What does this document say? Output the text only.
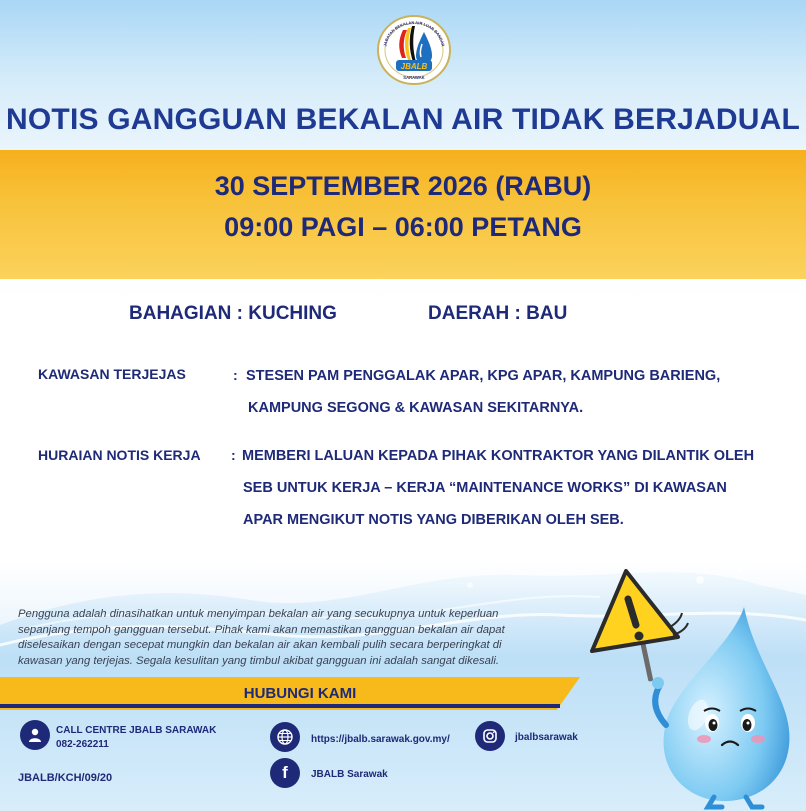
JBALB
SARAWAK
JABATAN BEKALAN AIR LUAR BANDAR
NOTIS GANGGUAN BEKALAN AIR TIDAK BERJADUAL
30 SEPTEMBER 2026 (RABU)
09:00 PAGI – 06:00 PETANG
BAHAGIAN : KUCHING	DAERAH : BAU
KAWASAN TERJEJAS	: STESEN PAM PENGGALAK APAR, KPG APAR, KAMPUNG BARIENG,
KAMPUNG SEGONG & KAWASAN SEKITARNYA.
HURAIAN NOTIS KERJA : MEMBERI LALUAN KEPADA PIHAK KONTRAKTOR YANG DILANTIK OLEH
SEB UNTUK KERJA – KERJA “MAINTENANCE WORKS” DI KAWASAN
APAR MENGIKUT NOTIS YANG DIBERIKAN OLEH SEB.
Pengguna adalah dinasihatkan untuk menyimpan bekalan air yang secukupnya untuk keperluan
sepanjang tempoh gangguan tersebut. Pihak kami akan memastikan gangguan bekalan air dapat
diselesaikan dengan secepat mungkin dan bekalan air akan kembali pulih secara berperingkat di
kawasan yang terjejas. Segala kesulitan yang timbul akibat gangguan ini adalah sangat dikesali.
HUBUNGI KAMI
CALL CENTRE JBALB SARAWAK
082-262211	https://jbalb.sarawak.gov.my/	jbalbsarawak
f JBALB Sarawak
JBALB/KCH/09/20
